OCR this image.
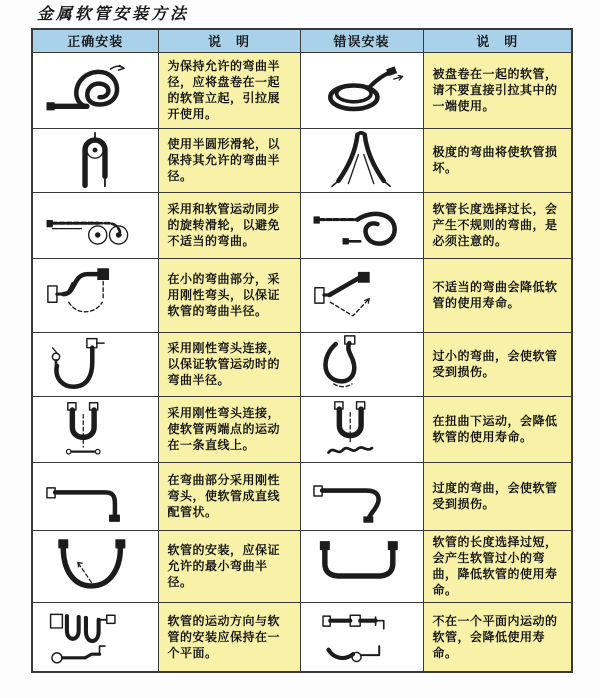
金属软管安装方法
正确安装	说　明	错误安装	说　明
	为保持允许的弯曲半径，应将盘卷在一起的软管立起，引拉展开使用。		被盘卷在一起的软管，请不要直接引拉其中的一端使用。
	使用半圆形滑轮，以保持其允许的弯曲半径。		极度的弯曲将使软管损坏。
	采用和软管运动同步的旋转滑轮，以避免不适当的弯曲。		软管长度选择过长，会产生不规则的弯曲，是必须注意的。
	在小的弯曲部分，采用刚性弯头，以保证软管的弯曲半径。		不适当的弯曲会降低软管的使用寿命。
	采用刚性弯头连接，以保证软管运动时的弯曲半径。		过小的弯曲，会使软管受到损伤。
	采用刚性弯头连接，使软管两端点的运动在一条直线上。		在扭曲下运动，会降低软管的使用寿命。
	在弯曲部分采用刚性弯头，使软管成直线配管状。		过度的弯曲，会使软管受到损伤。
	软管的安装，应保证允许的最小弯曲半径。		软管的长度选择过短，会产生软管过小的弯曲，降低软管的使用寿命。
	软管的运动方向与软管的安装应保持在一个平面。		不在一个平面内运动的软管，会降低使用寿命。
